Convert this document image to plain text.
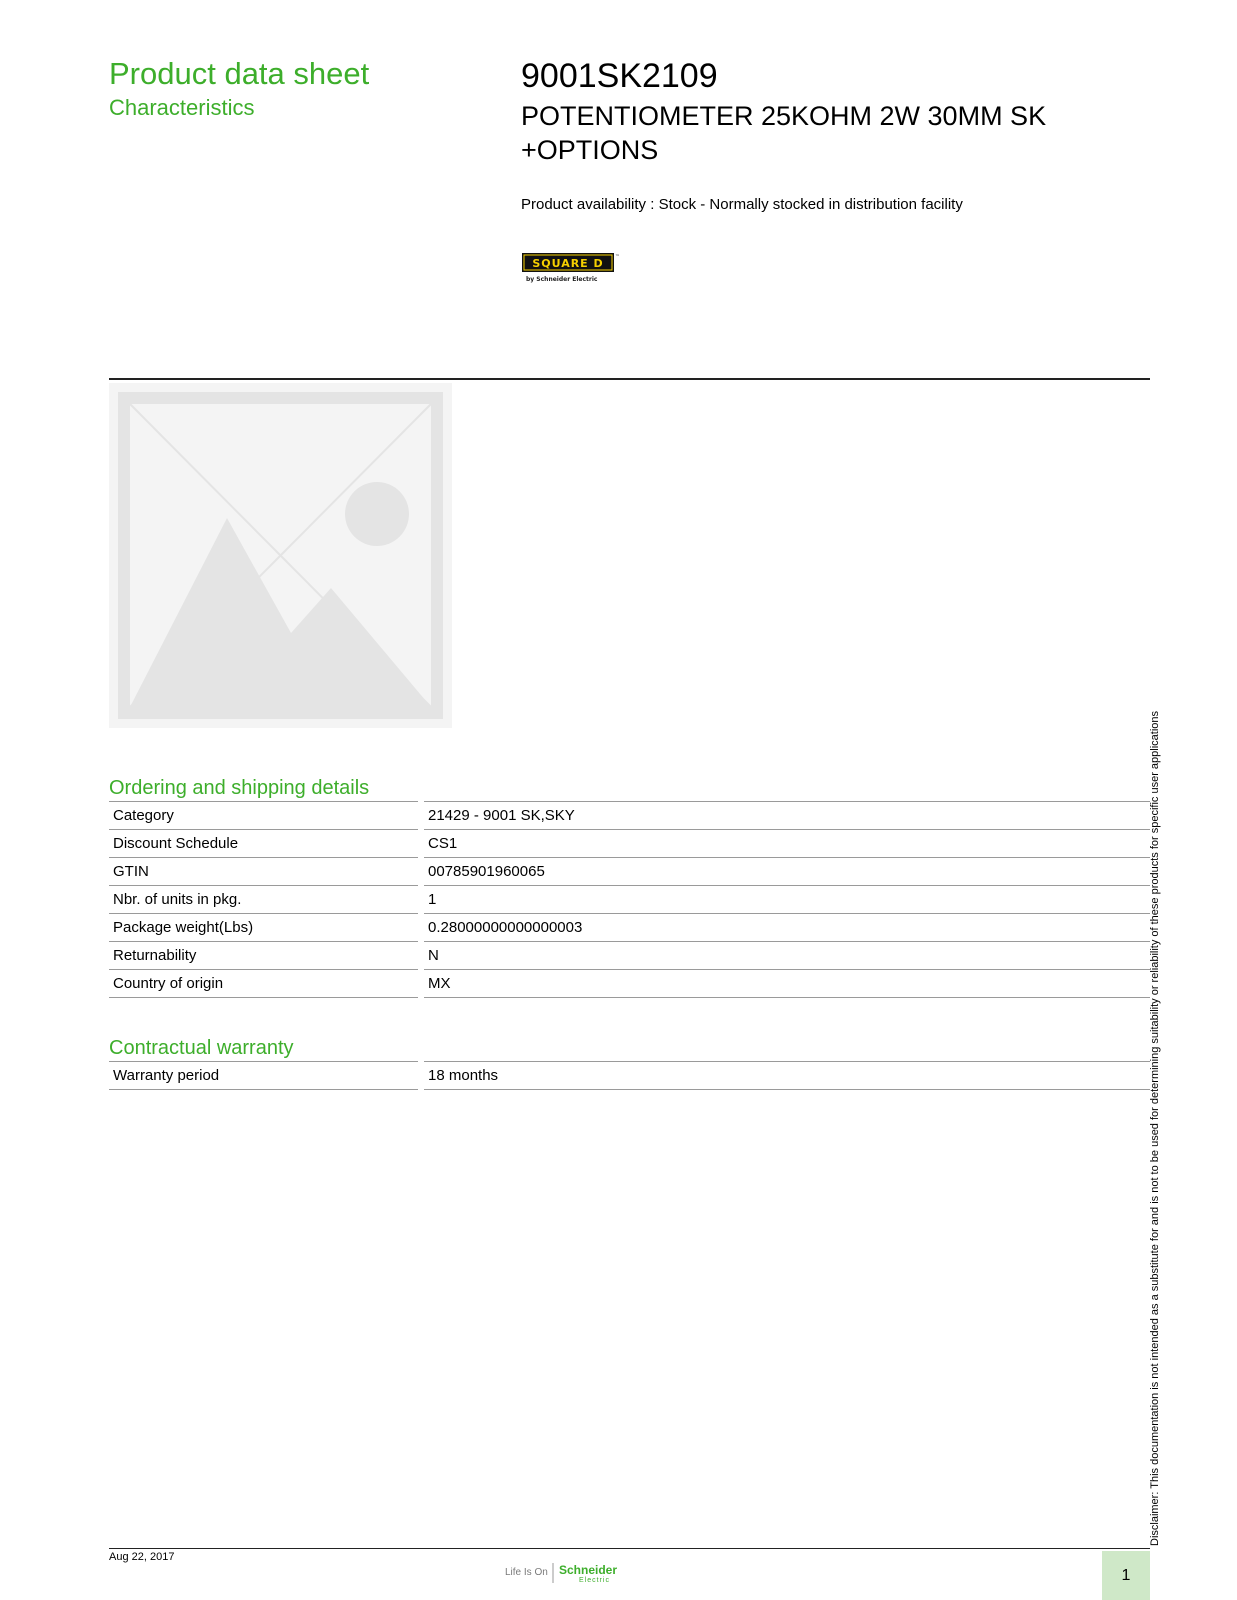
Product data sheet
Characteristics
9001SK2109
POTENTIOMETER 25KOHM 2W 30MM SK +OPTIONS
Product availability : Stock - Normally stocked in distribution facility
SQUARE D ™
by Schneider Electric
Ordering and shipping details
Category		21429 - 9001 SK,SKY
Discount Schedule		CS1
GTIN		00785901960065
Nbr. of units in pkg.		1
Package weight(Lbs)		0.28000000000000003
Returnability		N
Country of origin		MX
Contractual warranty
Warranty period		18 months	Disclaimer: This documentation is not intended as a substitute for and is not to be used for determining suitability or reliability of these products for specific user applications
Aug 22, 2017
Life Is On Schneider
Electric	1
